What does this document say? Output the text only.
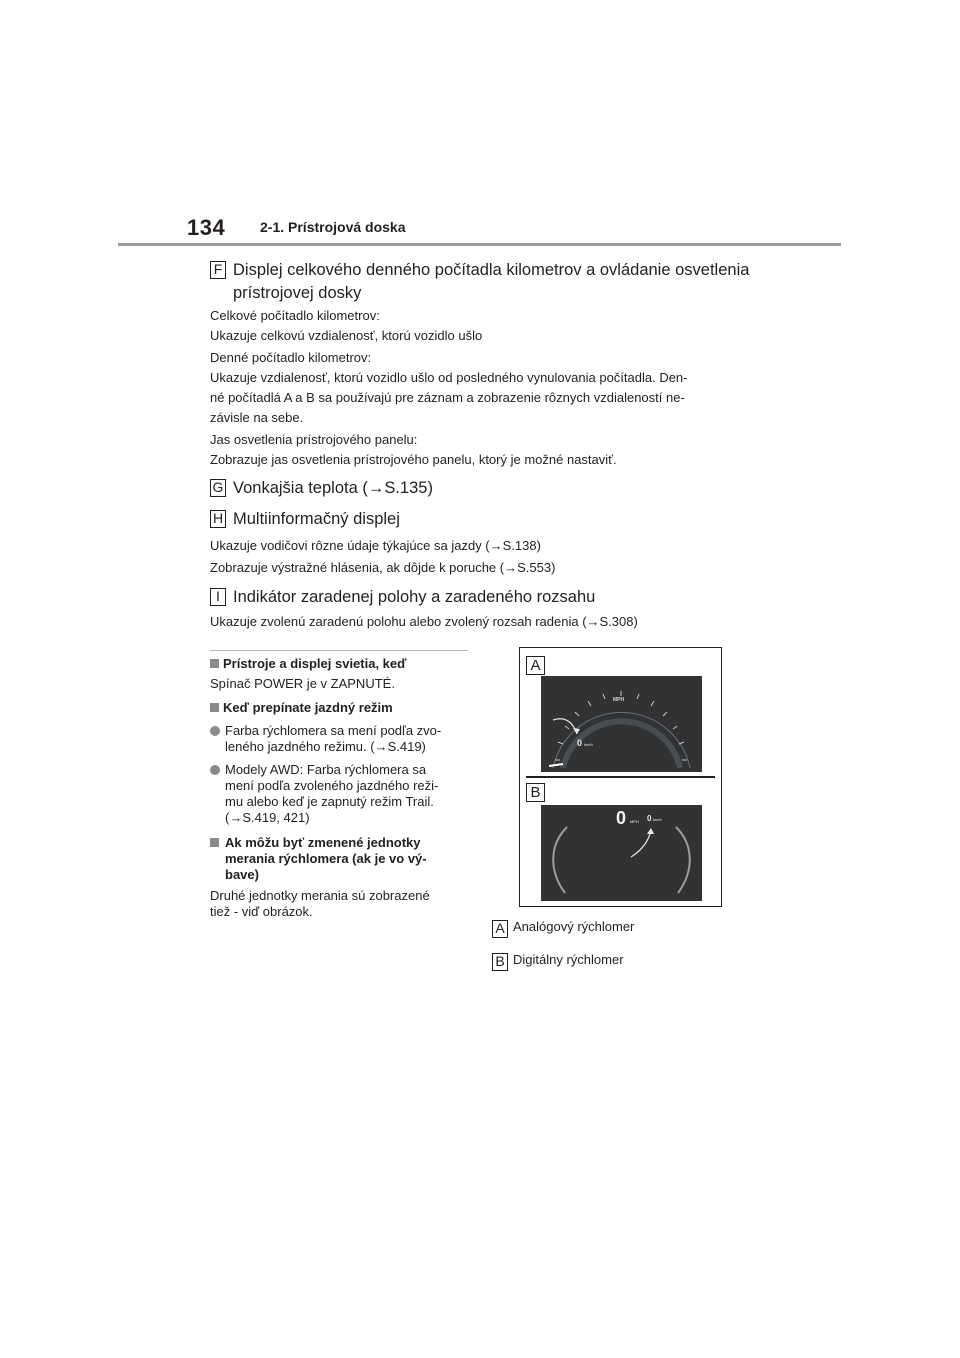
134 2-1. Prístrojová doska
F Displej celkového denného počítadla kilometrov a ovládanie osvetlenia
prístrojovej dosky

Celkové počítadlo kilometrov:

Ukazuje celkovú vzdialenosť, ktorú vozidlo ušlo

Denné počítadlo kilometrov:

Ukazuje vzdialenosť, ktorú vozidlo ušlo od posledného vynulovania počítadla. Den-

né počítadlá A a B sa používajú pre záznam a zobrazenie rôznych vzdialeností ne-

závisle na sebe.

Jas osvetlenia prístrojového panelu:

Zobrazuje jas osvetlenia prístrojového panelu, ktorý je možné nastaviť.

G Vonkajšia teplota (→S.135)
H Multiinformačný displej

Ukazuje vodičovi rôzne údaje týkajúce sa jazdy (→S.138)

Zobrazuje výstražné hlásenia, ak dôjde k poruche (→S.553)

I Indikátor zaradenej polohy a zaradeného rozsahu

Ukazuje zvolenú zaradenú polohu alebo zvolený rozsah radenia (→S.308)

Prístroje a displej svietia, keď
Spínač POWER je v ZAPNUTÉ.
Keď prepínate jazdný režim
Farba rýchlomera sa mení podľa zvo-
leného jazdného režimu. (→S.419)
Modely AWD: Farba rýchlomera sa
mení podľa zvoleného jazdného reži-
mu alebo keď je zapnutý režim Trail.
(→S.419, 421)
Ak môžu byť zmenené jednotky
merania rýchlomera (ak je vo vý-
bave)
Druhé jednotky merania sú zobrazené
tiež - viď obrázok.
A
MPH
0 km/h
B
0 MPH 0 km/h
A Analógový rýchlomer
B Digitálny rýchlomer
